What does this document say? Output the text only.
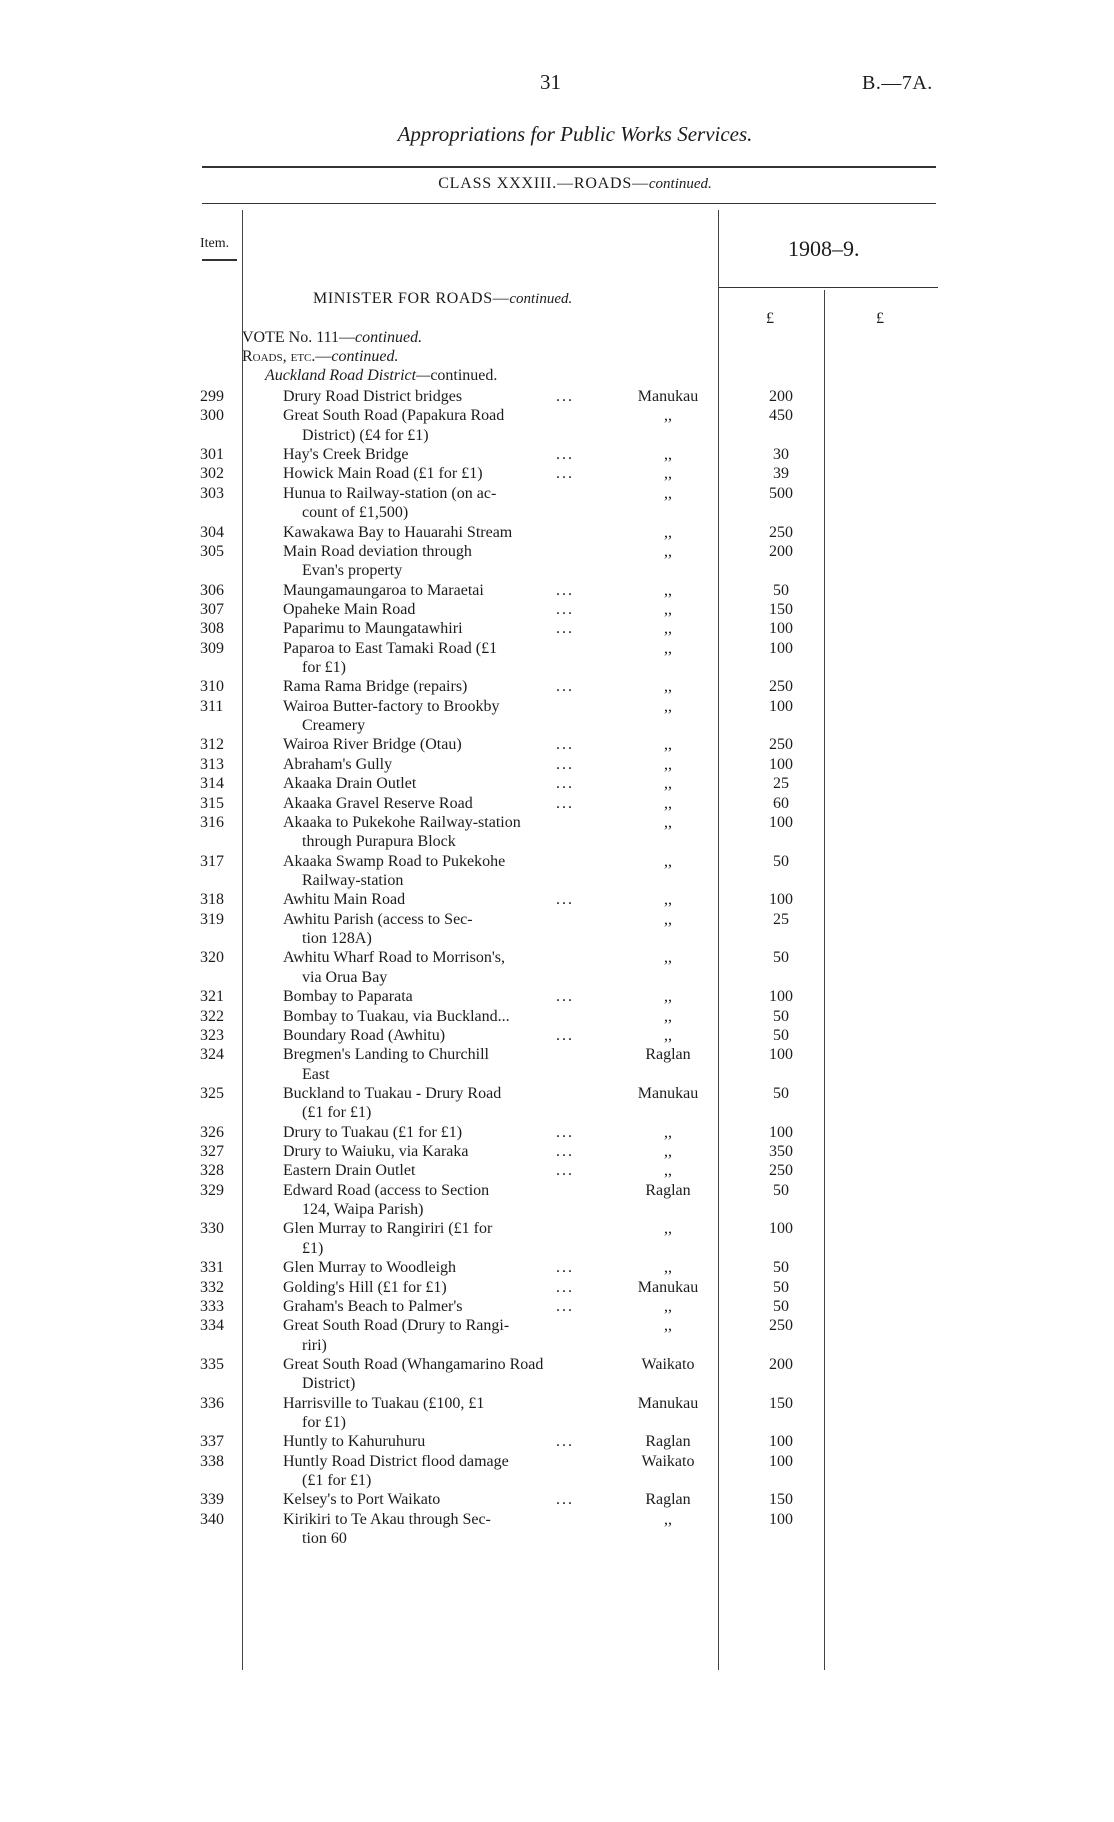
31	B.—7A.
Appropriations for Public Works Services.
CLASS XXXIII.—ROADS—continued.
Item.	1908–9.
MINISTER FOR ROADS—continued.
£	£
VOTE No. 111—continued.
Roads, etc.—continued.
Auckland Road District—continued.
299	Drury Road District bridges	...	Manukau	200
300	Great South Road (Papakura Road	,,	450
District) (£4 for £1)
301	Hay's Creek Bridge	...	,,	30
302	Howick Main Road (£1 for £1)	...	,,	39
303	Hunua to Railway-station (on ac-	,,	500
count of £1,500)
304	Kawakawa Bay to Hauarahi Stream	,,	250
305	Main Road deviation through	,,	200
Evan's property
306	Maungamaungaroa to Maraetai	...	,,	50
307	Opaheke Main Road	...	,,	150
308	Paparimu to Maungatawhiri	...	,,	100
309	Paparoa to East Tamaki Road (£1	,,	100
for £1)
310	Rama Rama Bridge (repairs)	...	,,	250
311	Wairoa Butter-factory to Brookby	,,	100
Creamery
312	Wairoa River Bridge (Otau)	...	,,	250
313	Abraham's Gully	...	,,	100
314	Akaaka Drain Outlet	...	,,	25
315	Akaaka Gravel Reserve Road	...	,,	60
316	Akaaka to Pukekohe Railway-station	,,	100
through Purapura Block
317	Akaaka Swamp Road to Pukekohe	,,	50
Railway-station
318	Awhitu Main Road	...	,,	100
319	Awhitu Parish (access to Sec-	,,	25
tion 128A)
320	Awhitu Wharf Road to Morrison's,	,,	50
via Orua Bay
321	Bombay to Paparata	...	,,	100
322	Bombay to Tuakau, via Buckland...	,,	50
323	Boundary Road (Awhitu)	...	,,	50
324	Bregmen's Landing to Churchill	Raglan	100
East
325	Buckland to Tuakau - Drury Road	Manukau	50
(£1 for £1)
326	Drury to Tuakau (£1 for £1)	...	,,	100
327	Drury to Waiuku, via Karaka	...	,,	350
328	Eastern Drain Outlet	...	,,	250
329	Edward Road (access to Section	Raglan	50
124, Waipa Parish)
330	Glen Murray to Rangiriri (£1 for	,,	100
£1)
331	Glen Murray to Woodleigh	...	,,	50
332	Golding's Hill (£1 for £1)	...	Manukau	50
333	Graham's Beach to Palmer's	...	,,	50
334	Great South Road (Drury to Rangi-	,,	250
riri)
335	Great South Road (Whangamarino Road	Waikato	200
District)
336	Harrisville to Tuakau (£100, £1	Manukau	150
for £1)
337	Huntly to Kahuruhuru	...	Raglan	100
338	Huntly Road District flood damage	Waikato	100
(£1 for £1)
339	Kelsey's to Port Waikato	...	Raglan	150
340	Kirikiri to Te Akau through Sec-	,,	100
tion 60
